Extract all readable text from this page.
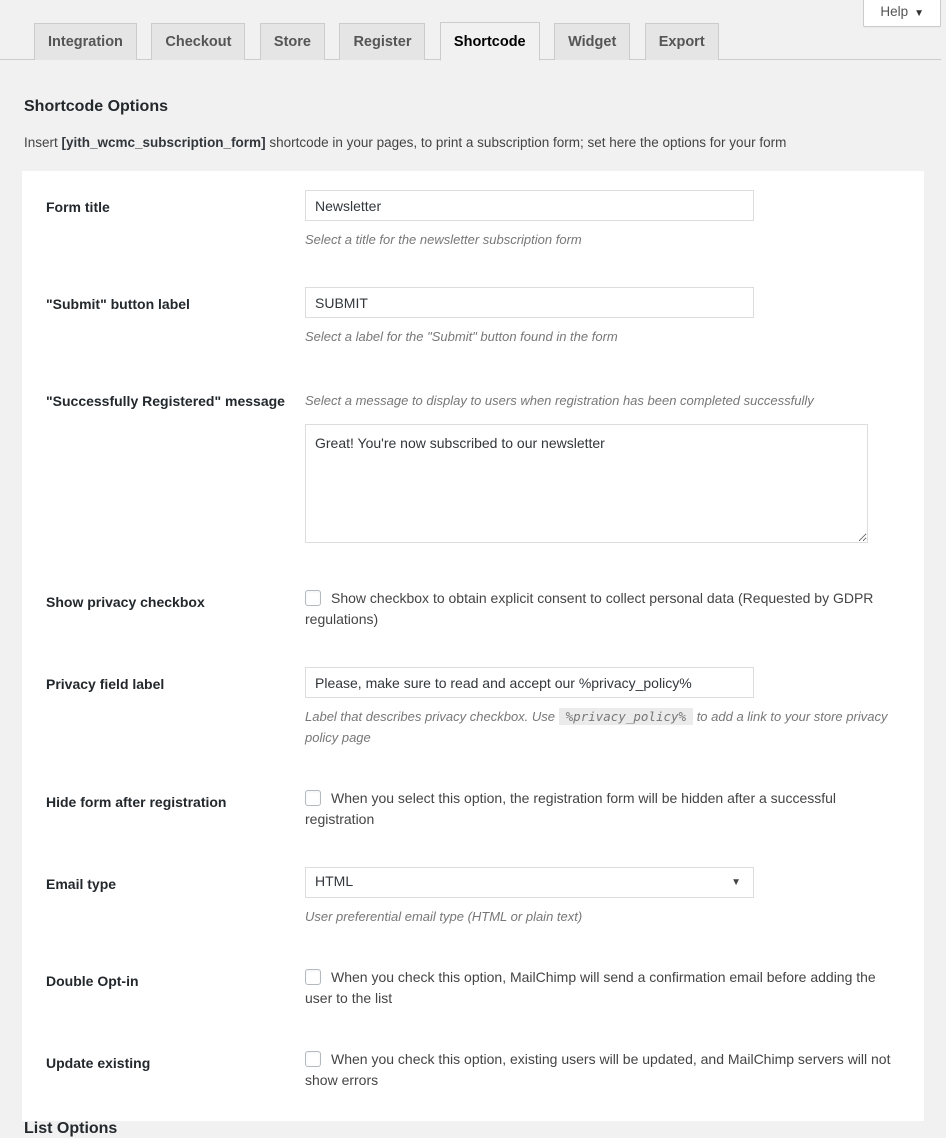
Help ▼
Integration	Checkout	Store	Register	Shortcode	Widget	Export
Shortcode Options

Insert [yith_wcmc_subscription_form] shortcode in your pages, to print a subscription form; set here the options for your form

Form title
Newsletter
Select a title for the newsletter subscription form
"Submit" button label
SUBMIT
Select a label for the "Submit" button found in the form
"Successfully Registered" message	Select a message to display to users when registration has been completed successfully
Great! You're now subscribed to our newsletter
Show privacy checkbox	Show checkbox to obtain explicit consent to collect personal data (Requested by GDPR regulations)
Privacy field label
Please, make sure to read and accept our %privacy_policy%
Label that describes privacy checkbox. Use %privacy_policy% to add a link to your store privacy policy page
Hide form after registration	When you select this option, the registration form will be hidden after a successful registration
Email type	HTML	▼
User preferential email type (HTML or plain text)
Double Opt-in	When you check this option, MailChimp will send a confirmation email before adding the user to the list
Update existing	When you check this option, existing users will be updated, and MailChimp servers will not show errors
List Options
